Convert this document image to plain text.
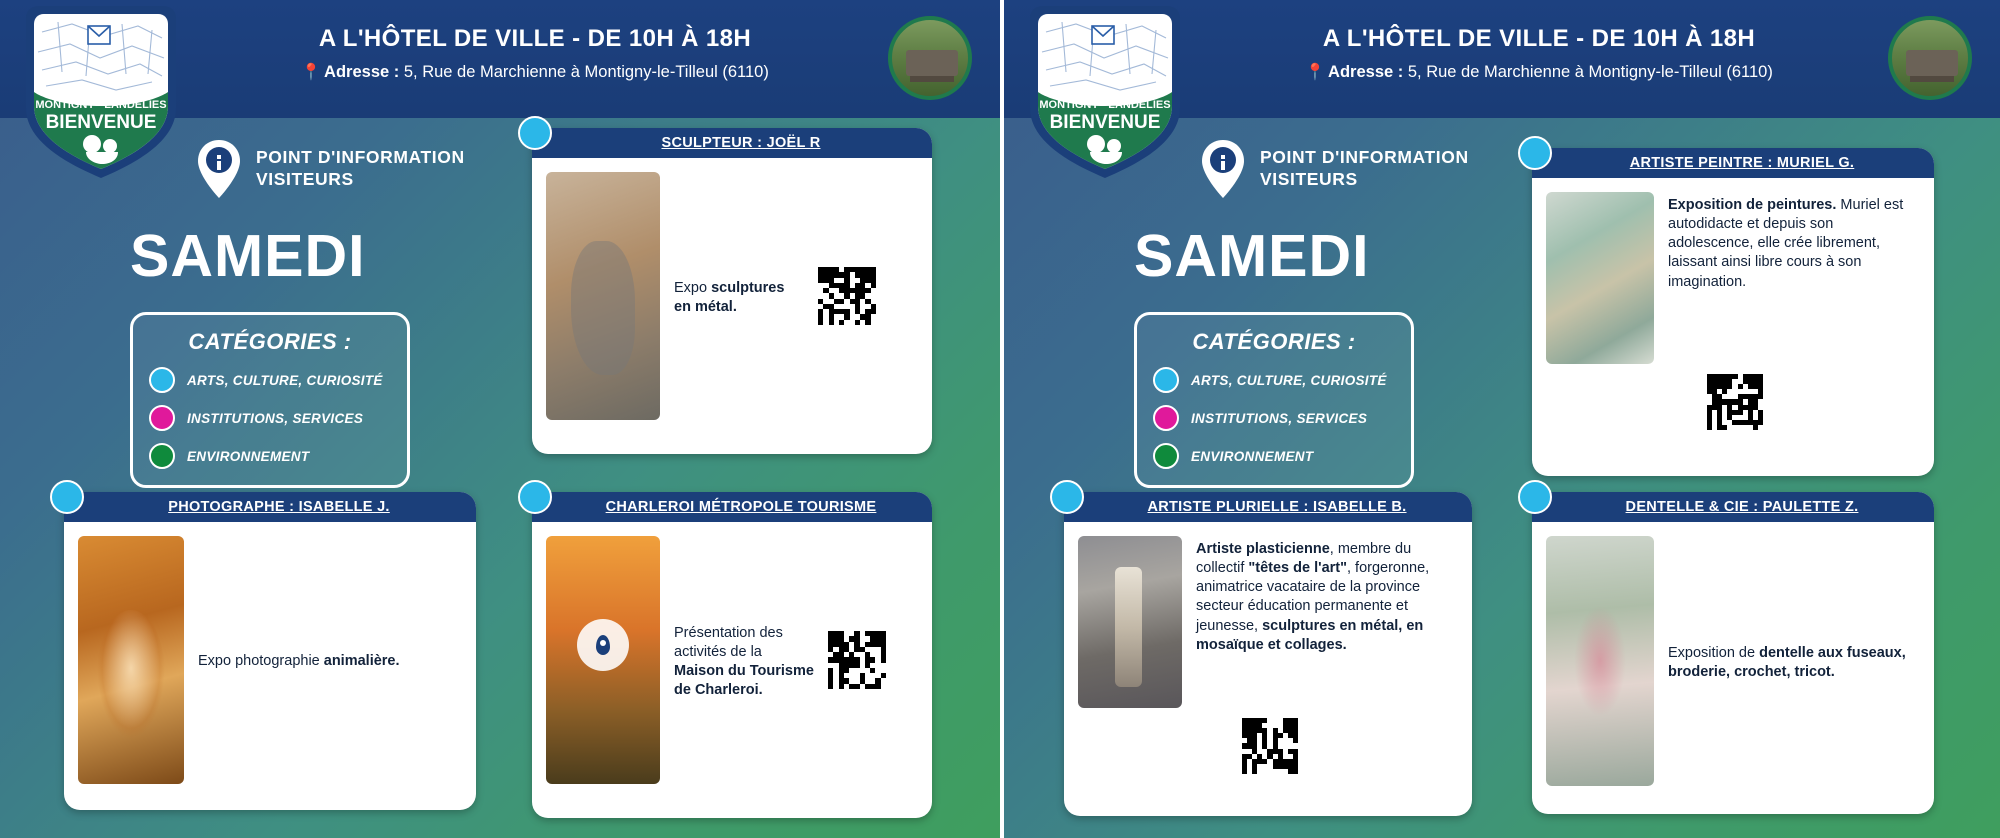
A L'HÔTEL DE VILLE - DE 10H À 18H
📍 Adresse : 5, Rue de Marchienne à Montigny-le-Tilleul (6110)
MONTIGNY - LANDELIES
BIENVENUE
POINT D'INFORMATION
VISITEURS
SAMEDI
CATÉGORIES :
ARTS, CULTURE, CURIOSITÉ
INSTITUTIONS, SERVICES
ENVIRONNEMENT
SCULPTEUR : JOËL R
Expo sculptures en métal.
PHOTOGRAPHE : ISABELLE J.
Expo photographie animalière.
CHARLEROI MÉTROPOLE TOURISME
Présentation des activités de la Maison du Tourisme de Charleroi.
A L'HÔTEL DE VILLE - DE 10H À 18H
📍 Adresse : 5, Rue de Marchienne à Montigny-le-Tilleul (6110)
MONTIGNY - LANDELIES
BIENVENUE
POINT D'INFORMATION
VISITEURS
SAMEDI
CATÉGORIES :
ARTS, CULTURE, CURIOSITÉ
INSTITUTIONS, SERVICES
ENVIRONNEMENT
ARTISTE PEINTRE : MURIEL G.
Exposition de peintures. Muriel est autodidacte et depuis son adolescence, elle crée librement, laissant ainsi libre cours à son imagination.
ARTISTE PLURIELLE : ISABELLE B.
Artiste plasticienne, membre du collectif "têtes de l'art", forgeronne, animatrice vacataire de la province secteur éducation permanente et jeunesse, sculptures en métal, en mosaïque et collages.
DENTELLE & CIE : PAULETTE Z.
Exposition de dentelle aux fuseaux, broderie, crochet, tricot.
